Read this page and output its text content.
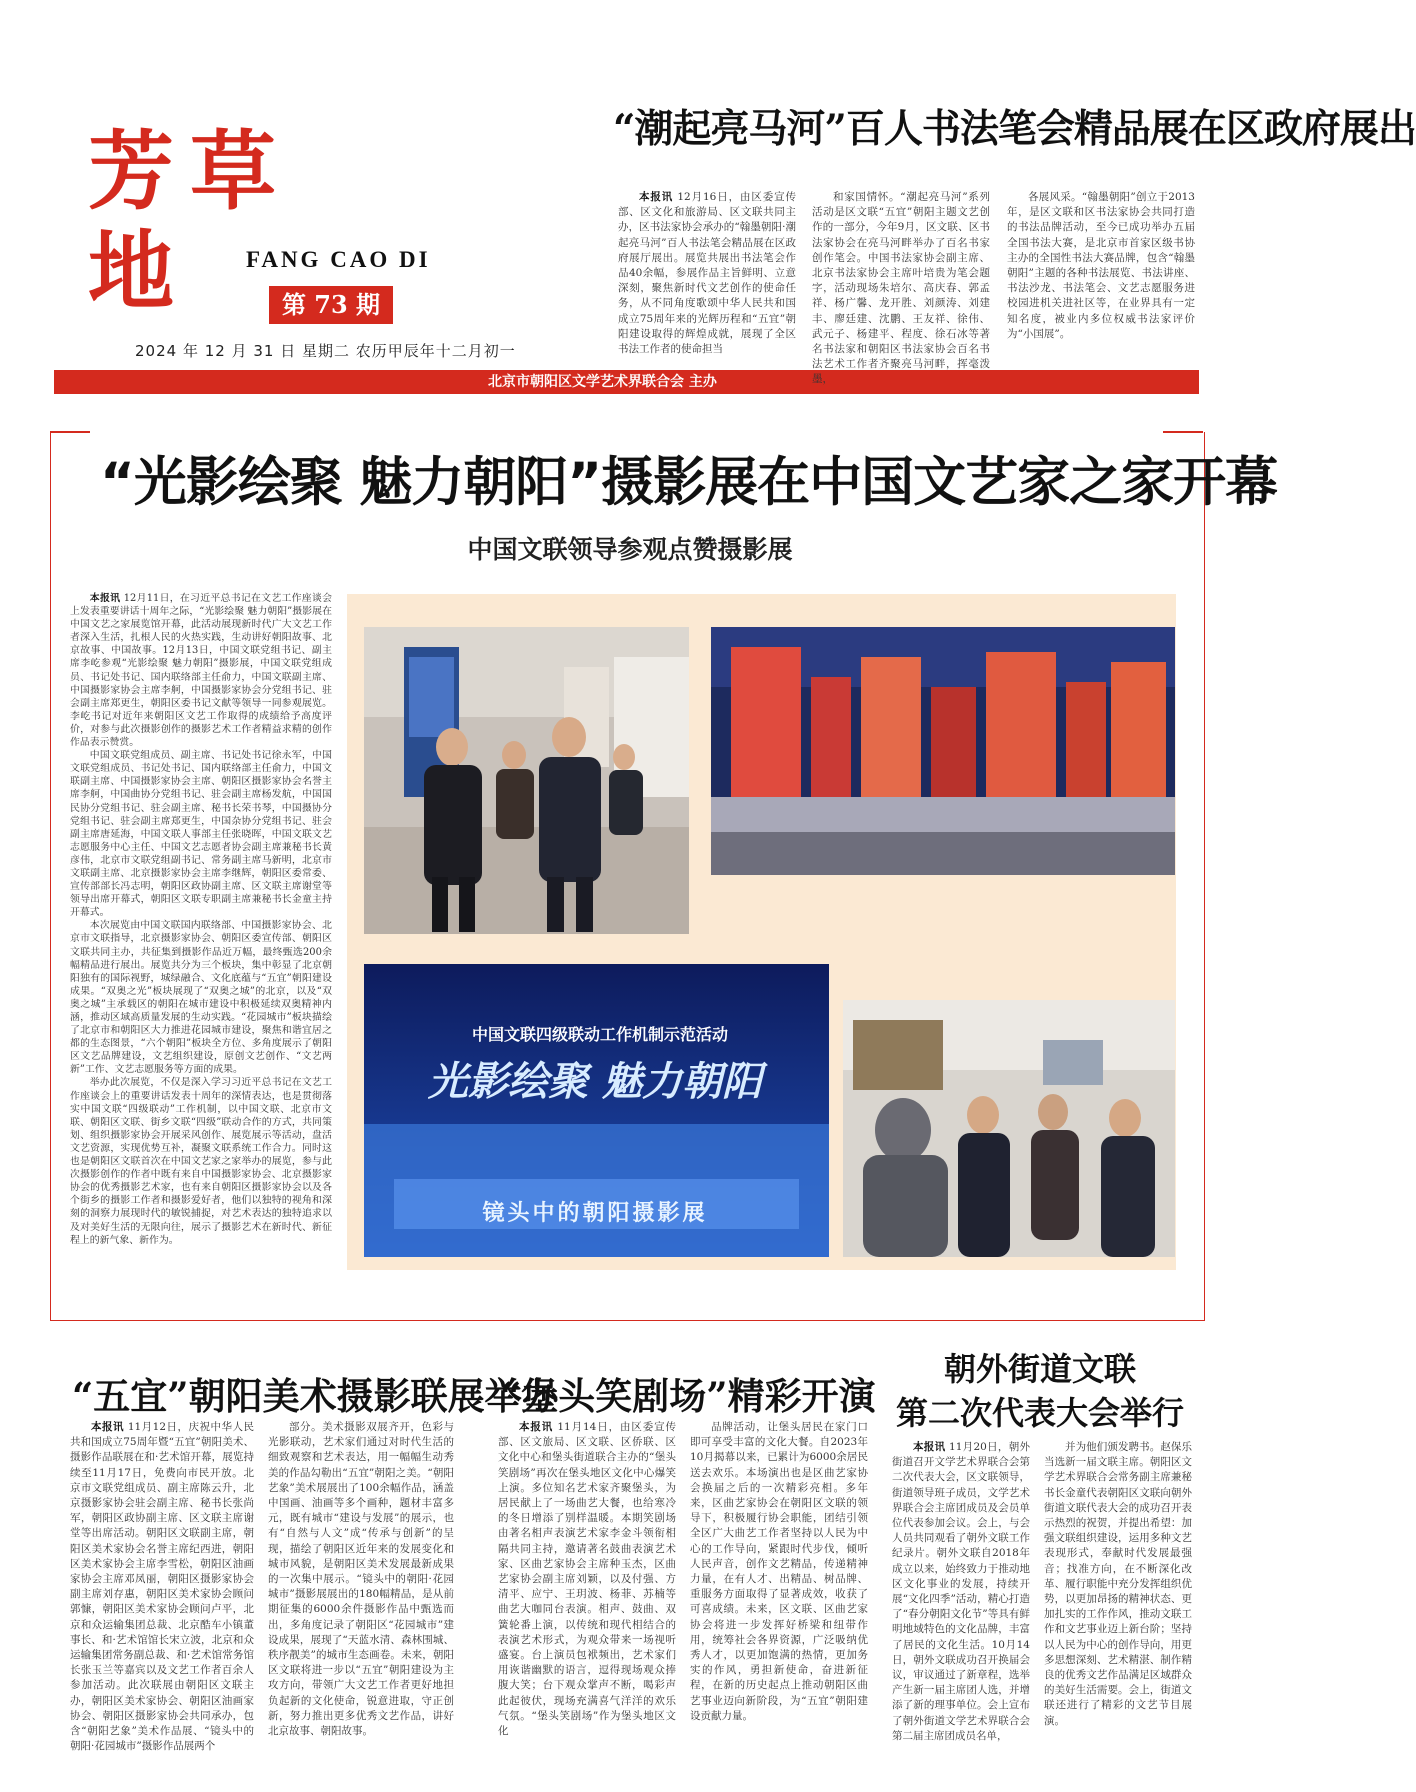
芳草地	FANG CAO DI
第 73 期
2024 年 12 月 31 日 星期二 农历甲辰年十二月初一
北京市朝阳区文学艺术界联合会 主办
“潮起亮马河”百人书法笔会精品展在区政府展出

本报讯 12月16日，由区委宣传部、区文化和旅游局、区文联共同主办，区书法家协会承办的“翰墨朝阳·潮起亮马河”百人书法笔会精品展在区政府展厅展出。展览共展出书法笔会作品40余幅，参展作品主旨鲜明、立意深刻，聚焦新时代文艺创作的使命任务，从不同角度歌颂中华人民共和国成立75周年来的光辉历程和“五宜”朝阳建设取得的辉煌成就，展现了全区书法工作者的使命担当

和家国情怀。“潮起亮马河”系列活动是区文联“五宜”朝阳主题文艺创作的一部分，今年9月，区文联、区书法家协会在亮马河畔举办了百名书家创作笔会。中国书法家协会副主席、北京书法家协会主席叶培贵为笔会题字，活动现场朱培尔、高庆春、郭孟祥、杨广馨、龙开胜、刘颜涛、刘建丰、廖廷建、沈鹏、王友祥、徐伟、武元子、杨建平、程度、徐石冰等著名书法家和朝阳区书法家协会百名书法艺术工作者齐聚亮马河畔，挥毫泼墨，

各展风采。“翰墨朝阳”创立于2013年，是区文联和区书法家协会共同打造的书法品牌活动，至今已成功举办五届全国书法大赛，是北京市首家区级书协主办的全国性书法大赛品牌，包含“翰墨朝阳”主题的各种书法展览、书法讲座、书法沙龙、书法笔会、文艺志愿服务进校园进机关进社区等，在业界具有一定知名度，被业内多位权威书法家评价为“小国展”。

“光影绘聚 魅力朝阳”摄影展在中国文艺家之家开幕
中国文联领导参观点赞摄影展

本报讯 12月11日，在习近平总书记在文艺工作座谈会上发表重要讲话十周年之际，“光影绘聚 魅力朝阳”摄影展在中国文艺之家展览馆开幕，此活动展现新时代广大文艺工作者深入生活，扎根人民的火热实践，生动讲好朝阳故事、北京故事、中国故事。12月13日，中国文联党组书记、副主席李屹参观“光影绘聚 魅力朝阳”摄影展，中国文联党组成员、书记处书记、国内联络部主任俞力，中国文联副主席、中国摄影家协会主席李舸，中国摄影家协会分党组书记、驻会副主席郑更生，朝阳区委书记文献等领导一同参观展览。李屹书记对近年来朝阳区文艺工作取得的成绩给予高度评价，对参与此次摄影创作的摄影艺术工作者精益求精的创作作品表示赞赏。

中国文联党组成员、副主席、书记处书记徐永军，中国文联党组成员、书记处书记、国内联络部主任俞力，中国文联副主席、中国摄影家协会主席、朝阳区摄影家协会名誉主席李舸，中国曲协分党组书记、驻会副主席杨发航，中国国民协分党组书记、驻会副主席、秘书长荣书琴，中国摄协分党组书记、驻会副主席郑更生，中国杂协分党组书记、驻会副主席唐延海，中国文联人事部主任张晓晖，中国文联文艺志愿服务中心主任、中国文艺志愿者协会副主席兼秘书长黄彦伟，北京市文联党组副书记、常务副主席马新明，北京市文联副主席、北京摄影家协会主席李继辉，朝阳区委常委、宣传部部长冯志明，朝阳区政协副主席、区文联主席谢堂等领导出席开幕式，朝阳区文联专职副主席兼秘书长金童主持开幕式。

本次展览由中国文联国内联络部、中国摄影家协会、北京市文联指导，北京摄影家协会、朝阳区委宣传部、朝阳区文联共同主办，共征集到摄影作品近万幅，最终甄选200余幅精品进行展出。展览共分为三个板块，集中彰显了北京朝阳独有的国际视野，城绿融合、文化底蕴与“五宜”朝阳建设成果。“双奥之光”板块展现了“双奥之城”的北京，以及“双奥之城”主承载区的朝阳在城市建设中积极延续双奥精神内涵，推动区域高质量发展的生动实践。“花园城市”板块描绘了北京市和朝阳区大力推进花园城市建设，聚焦和谐宜居之都的生态图景，“六个朝阳”板块全方位、多角度展示了朝阳区文艺品牌建设，文艺组织建设，原创文艺创作、“文艺两新”工作、文艺志愿服务等方面的成果。

举办此次展览，不仅是深入学习习近平总书记在文艺工作座谈会上的重要讲话发表十周年的深情表达，也是贯彻落实中国文联“四级联动”工作机制，以中国文联、北京市文联、朝阳区文联、街乡文联“四级”联动合作的方式，共同策划、组织摄影家协会开展采风创作、展览展示等活动，盘活文艺资源，实现优势互补，凝聚文联系统工作合力。同时这也是朝阳区文联首次在中国文艺家之家举办的展览，参与此次摄影创作的作者中既有来自中国摄影家协会、北京摄影家协会的优秀摄影艺术家，也有来自朝阳区摄影家协会以及各个街乡的摄影工作者和摄影爱好者，他们以独特的视角和深刻的洞察力展现时代的敏锐捕捉，对艺术表达的独特追求以及对美好生活的无限向往，展示了摄影艺术在新时代、新征程上的新气象、新作为。

中国文联四级联动工作机制示范活动
光影绘聚 魅力朝阳
镜头中的朝阳摄影展
“五宜”朝阳美术摄影联展举办

本报讯 11月12日，庆祝中华人民共和国成立75周年暨“五宜”朝阳美术、摄影作品联展在和·艺术馆开幕，展览持续至11月17日，免费向市民开放。北京市文联党组成员、副主席陈云升，北京摄影家协会驻会副主席、秘书长张尚军，朝阳区政协副主席、区文联主席谢堂等出席活动。朝阳区文联副主席，朝阳区美术家协会名誉主席纪西进，朝阳区美术家协会主席李雪松，朝阳区油画家协会主席邓凤丽，朝阳区摄影家协会副主席刘存惠，朝阳区美术家协会顾问郭慷，朝阳区美术家协会顾问卢平，北京和众运输集团总裁、北京酷车小镇董事长、和·艺术馆馆长宋立波，北京和众运输集团常务副总裁、和·艺术馆常务馆长张玉兰等嘉宾以及文艺工作者百余人参加活动。此次联展由朝阳区文联主办，朝阳区美术家协会、朝阳区油画家协会、朝阳区摄影家协会共同承办，包含“朝阳艺象”美术作品展、“镜头中的朝阳·花园城市”摄影作品展两个

部分。美术摄影双展齐开，色彩与光影联动，艺术家们通过对时代生活的细致观察和艺术表达，用一幅幅生动秀美的作品勾勒出“五宜”朝阳之美。“朝阳艺象”美术展展出了100余幅作品，涵盖中国画、油画等多个画种，题材丰富多元，既有城市“建设与发展”的展示，也有“自然与人文”成“传承与创新”的呈现，描绘了朝阳区近年来的发展变化和城市风貌，是朝阳区美术发展最新成果的一次集中展示。“镜头中的朝阳·花园城市”摄影展展出的180幅精品，是从前期征集的6000余件摄影作品中甄选而出，多角度记录了朝阳区“花园城市”建设成果，展现了“天蓝水清、森林围城、秩序靓美”的城市生态画卷。未来，朝阳区文联将进一步以“五宜”朝阳建设为主攻方向，带领广大文艺工作者更好地担负起新的文化使命，锐意进取，守正创新，努力推出更多优秀文艺作品，讲好北京故事、朝阳故事。

“堡头笑剧场”精彩开演

本报讯 11月14日，由区委宣传部、区文旅局、区文联、区侨联、区文化中心和堡头街道联合主办的“堡头笑剧场”再次在堡头地区文化中心爆笑上演。多位知名艺术家齐聚堡头，为居民献上了一场曲艺大餐，也给寒冷的冬日增添了别样温暖。本期笑剧场由著名相声表演艺术家李金斗领衔相隔共同主持，邀请著名鼓曲表演艺术家、区曲艺家协会主席种玉杰，区曲艺家协会副主席刘颖，以及付强、方清平、应宁、王玥波、杨菲、苏楠等曲艺大咖同台表演。相声、鼓曲、双簧轮番上演，以传统和现代相结合的表演艺术形式，为观众带来一场视听盛宴。台上演员包袱频出，艺术家们用诙谐幽默的语言，逗得现场观众捧腹大笑；台下观众掌声不断，喝彩声此起彼伏，现场充满喜气洋洋的欢乐气氛。“堡头笑剧场”作为堡头地区文化

品牌活动，让堡头居民在家门口即可享受丰富的文化大餐。自2023年10月揭幕以来，已累计为6000余居民送去欢乐。本场演出也是区曲艺家协会换届之后的一次精彩亮相。多年来，区曲艺家协会在朝阳区文联的领导下，积极履行协会职能，团结引领全区广大曲艺工作者坚持以人民为中心的工作导向，紧跟时代步伐，倾听人民声音，创作文艺精品，传递精神力量，在有人才、出精品、树品牌、重服务方面取得了显著成效，收获了可喜成绩。未来，区文联、区曲艺家协会将进一步发挥好桥梁和纽带作用，统筹社会各界资源，广泛吸纳优秀人才，以更加饱满的热情，更加务实的作风，勇担新使命，奋进新征程，在新的历史起点上推动朝阳区曲艺事业迈向新阶段，为“五宜”朝阳建设贡献力量。

朝外街道文联
第二次代表大会举行

本报讯 11月20日，朝外街道召开文学艺术界联合会第二次代表大会，区文联领导，街道领导班子成员，文学艺术界联合会主席团成员及会员单位代表参加会议。会上，与会人员共同观看了朝外文联工作纪录片。朝外文联自2018年成立以来，始终致力于推动地区文化事业的发展，持续开展“文化四季”活动，精心打造了“春分朝阳文化节”等具有鲜明地域特色的文化品牌，丰富了居民的文化生活。10月14日，朝外文联成功召开换届会议，审议通过了新章程，选举产生新一届主席团人选，并增添了新的理事单位。会上宣布了朝外街道文学艺术界联合会第二届主席团成员名单，

并为他们颁发聘书。赵保乐当选新一届文联主席。朝阳区文学艺术界联合会常务副主席兼秘书长金童代表朝阳区文联向朝外街道文联代表大会的成功召开表示热烈的祝贺，并提出希望：加强文联组织建设，运用多种文艺表现形式，奉献时代发展最强音；找准方向，在不断深化改革、履行职能中充分发挥组织优势，以更加昂扬的精神状态、更加扎实的工作作风，推动文联工作和文艺事业迈上新台阶；坚持以人民为中心的创作导向，用更多思想深刻、艺术精湛、制作精良的优秀文艺作品满足区域群众的美好生活需要。会上，街道文联还进行了精彩的文艺节目展演。
